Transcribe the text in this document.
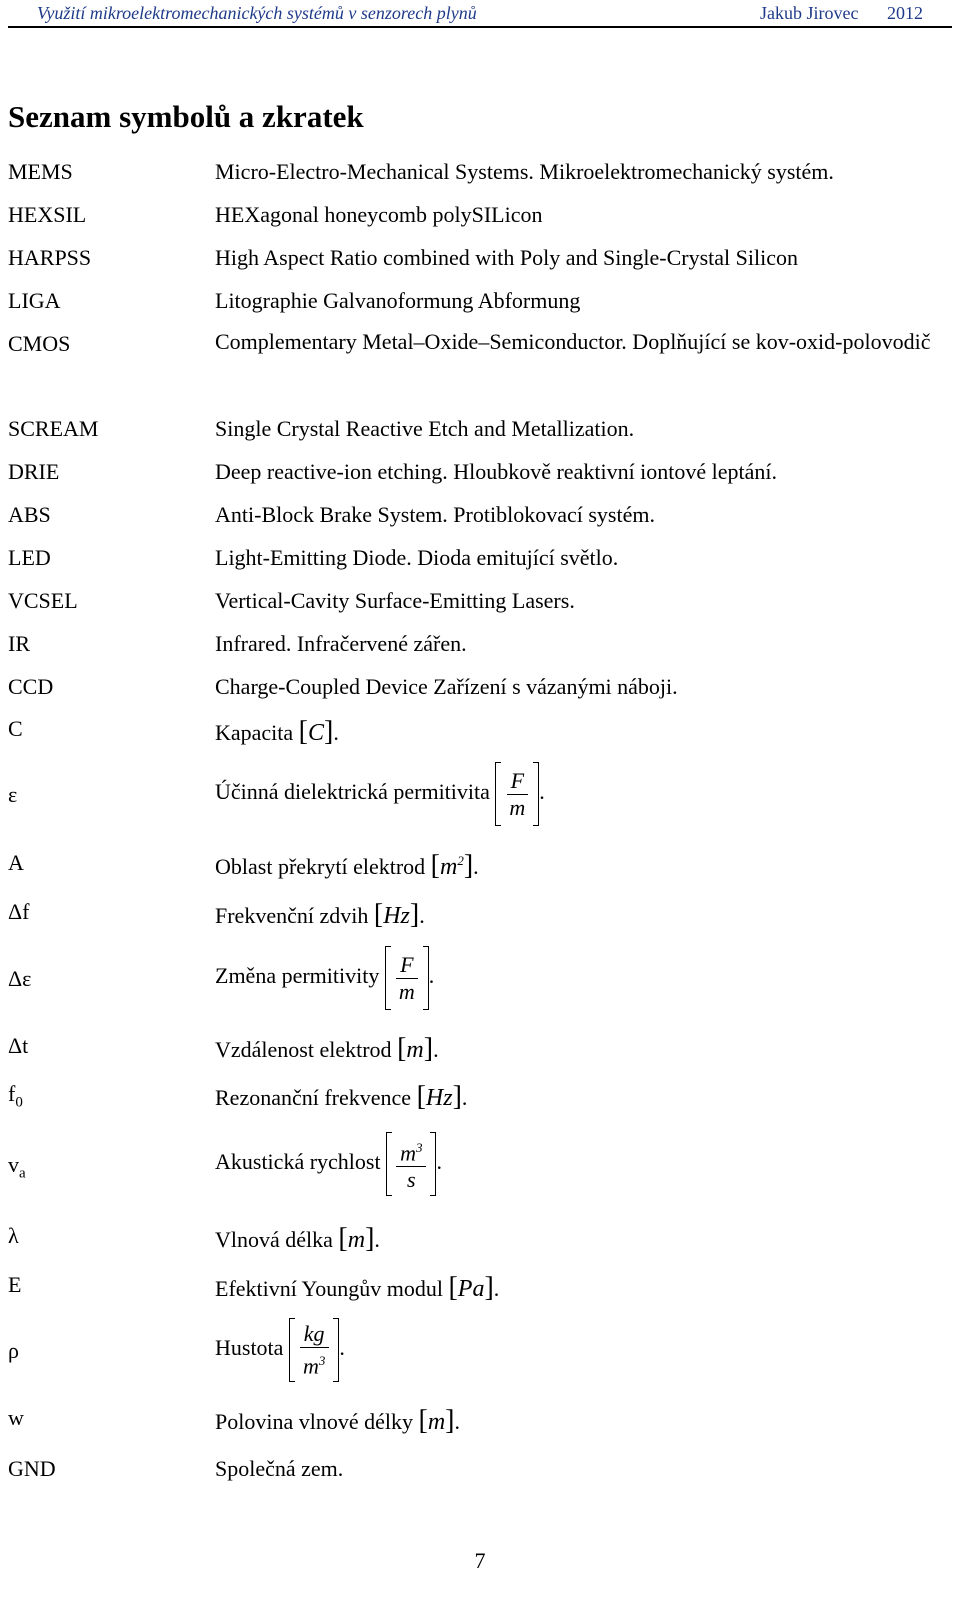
Využití mikroelektromechanických systémů v senzorech plynů	Jakub Jirovec 2012
Seznam symbolů a zkratek
MEMS	Micro-Electro-Mechanical Systems. Mikroelektromechanický systém.
HEXSIL	HEXagonal honeycomb polySILicon
HARPSS	High Aspect Ratio combined with Poly and Single-Crystal Silicon
LIGA	Litographie Galvanoformung Abformung
CMOS	Complementary Metal–Oxide–Semiconductor. Doplňující se kov-oxid-polovodič
SCREAM	Single Crystal Reactive Etch and Metallization.
DRIE	Deep reactive-ion etching. Hloubkově reaktivní iontové leptání.
ABS	Anti-Block Brake System. Protiblokovací systém.
LED	Light-Emitting Diode. Dioda emitující světlo.
VCSEL	Vertical-Cavity Surface-Emitting Lasers.
IR	Infrared. Infračervené zářen.
CCD	Charge-Coupled Device Zařízení s vázanými náboji.
C	Kapacita [C].
ε	Účinná dielektrická permitivita $\frac{F}{m}$ .
A	Oblast překrytí elektrod $[m^2]$.
Δf	Frekvenční zdvih [Hz].
Δε	Změna permitivity $\frac{F}{m}$ .
Δt	Vzdálenost elektrod [m].
$f_0$	Rezonanční frekvence [Hz].
$v_a$	Akustická rychlost $\frac{m^3}{s}$ .
λ	Vlnová délka [m].
E	Efektivní Youngův modul [Pa].
ρ	Hustota $\frac{kg}{m^3}$ .
w	Polovina vlnové délky [m].
GND	Společná zem.
7
